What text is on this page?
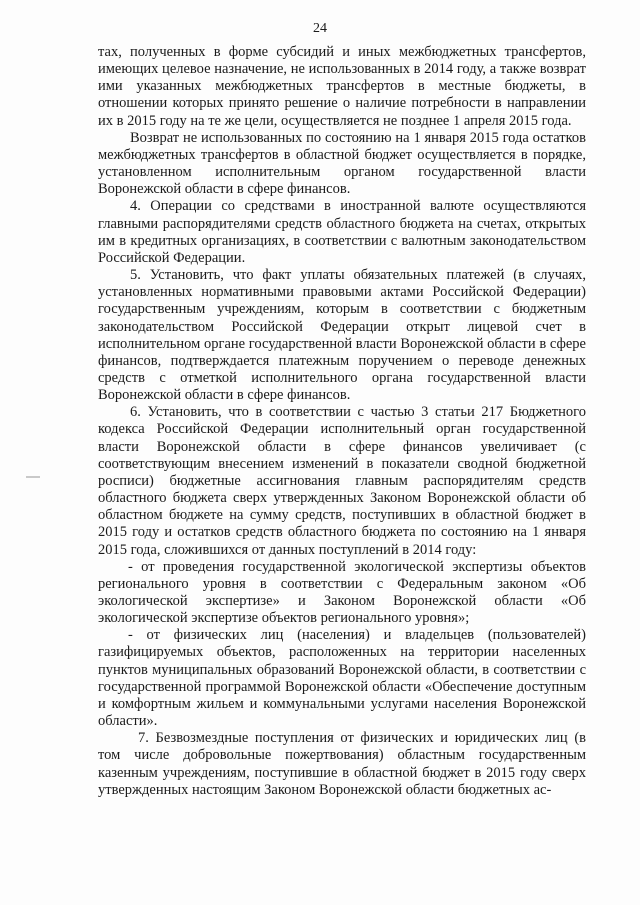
24

тах, полученных в форме субсидий и иных межбюджетных трансфертов, имеющих целевое назначение, не использованных в 2014 году, а также возврат ими указанных межбюджетных трансфертов в местные бюджеты, в отношении которых принято решение о наличие потребности в направлении их в 2015 году на те же цели, осуществляется не позднее 1 апреля 2015 года.

Возврат не использованных по состоянию на 1 января 2015 года остатков межбюджетных трансфертов в областной бюджет осуществляется в порядке, установленном исполнительным органом государственной власти Воронежской области в сфере финансов.

4. Операции со средствами в иностранной валюте осуществляются главными распорядителями средств областного бюджета на счетах, открытых им в кредитных организациях, в соответствии с валютным законодательством Российской Федерации.

5. Установить, что факт уплаты обязательных платежей (в случаях, установленных нормативными правовыми актами Российской Федерации) государственным учреждениям, которым в соответствии с бюджетным законодательством Российской Федерации открыт лицевой счет в исполнительном органе государственной власти Воронежской области в сфере финансов, подтверждается платежным поручением о переводе денежных средств с отметкой исполнительного органа государственной власти Воронежской области в сфере финансов.

6. Установить, что в соответствии с частью 3 статьи 217 Бюджетного кодекса Российской Федерации исполнительный орган государственной власти Воронежской области в сфере финансов увеличивает (с соответствующим внесением изменений в показатели сводной бюджетной росписи) бюджетные ассигнования главным распорядителям средств областного бюджета сверх утвержденных Законом Воронежской области об областном бюджете на сумму средств, поступивших в областной бюджет в 2015 году и остатков средств областного бюджета по состоянию на 1 января 2015 года, сложившихся от данных поступлений в 2014 году:

- от проведения государственной экологической экспертизы объектов регионального уровня в соответствии с Федеральным законом «Об экологической экспертизе» и Законом Воронежской области «Об экологической экспертизе объектов регионального уровня»;

- от физических лиц (населения) и владельцев (пользователей) газифицируемых объектов, расположенных на территории населенных пунктов муниципальных образований Воронежской области, в соответствии с государственной программой Воронежской области «Обеспечение доступным и комфортным жильем и коммунальными услугами населения Воронежской области».

7. Безвозмездные поступления от физических и юридических лиц (в том числе добровольные пожертвования) областным государственным казенным учреждениям, поступившие в областной бюджет в 2015 году сверх утвержденных настоящим Законом Воронежской области бюджетных ас-
